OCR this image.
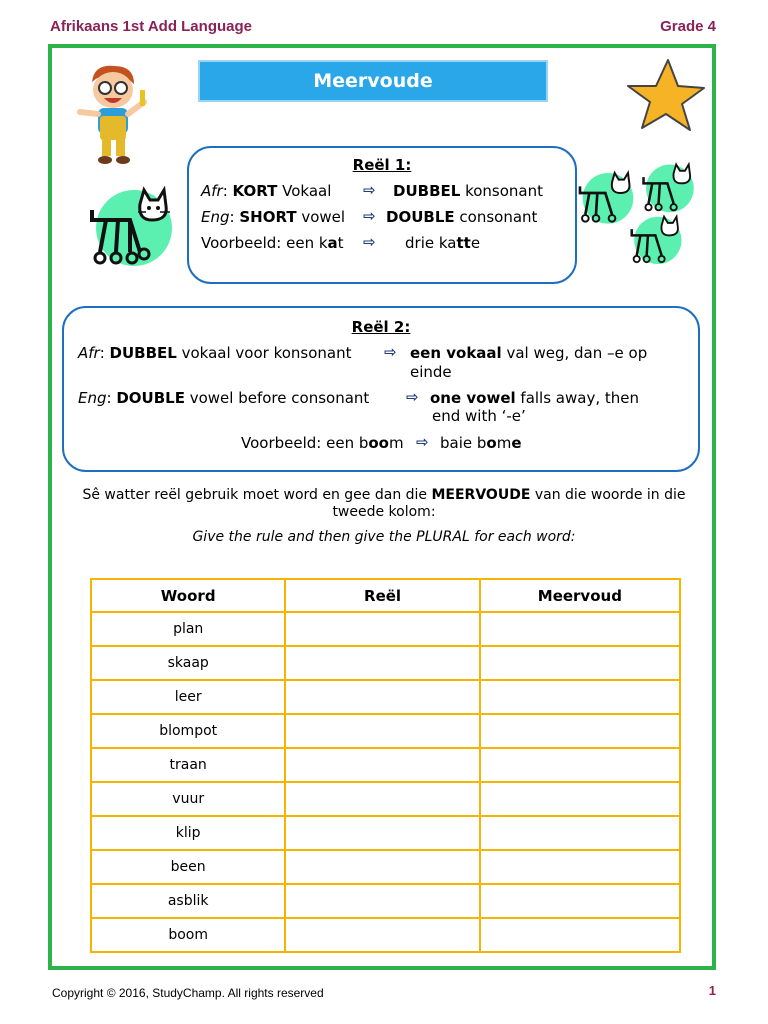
Afrikaans 1st Add Language	Grade 4
Meervoude
Reël 1:
Afr: KORT Vokaal ⇨ DUBBEL konsonant
Eng: SHORT vowel ⇨ DOUBLE consonant
Voorbeeld: een kat ⇨ drie katte
Reël 2:
Afr: DUBBEL vokaal voor konsonant ⇨ een vokaal val weg, dan –e op
einde
Eng: DOUBLE vowel before consonant ⇨ one vowel falls away, then
end with ‘-e’
Voorbeeld: een boom ⇨ baie bome
Sê watter reël gebruik moet word en gee dan die MEERVOUDE van die woorde in die tweede kolom:
Give the rule and then give the PLURAL for each word:
Woord	Reël	Meervoud
plan		
skaap		
leer		
blompot		
traan		
vuur		
klip		
been		
asblik		
boom		
Copyright © 2016, StudyChamp. All rights reserved	1
